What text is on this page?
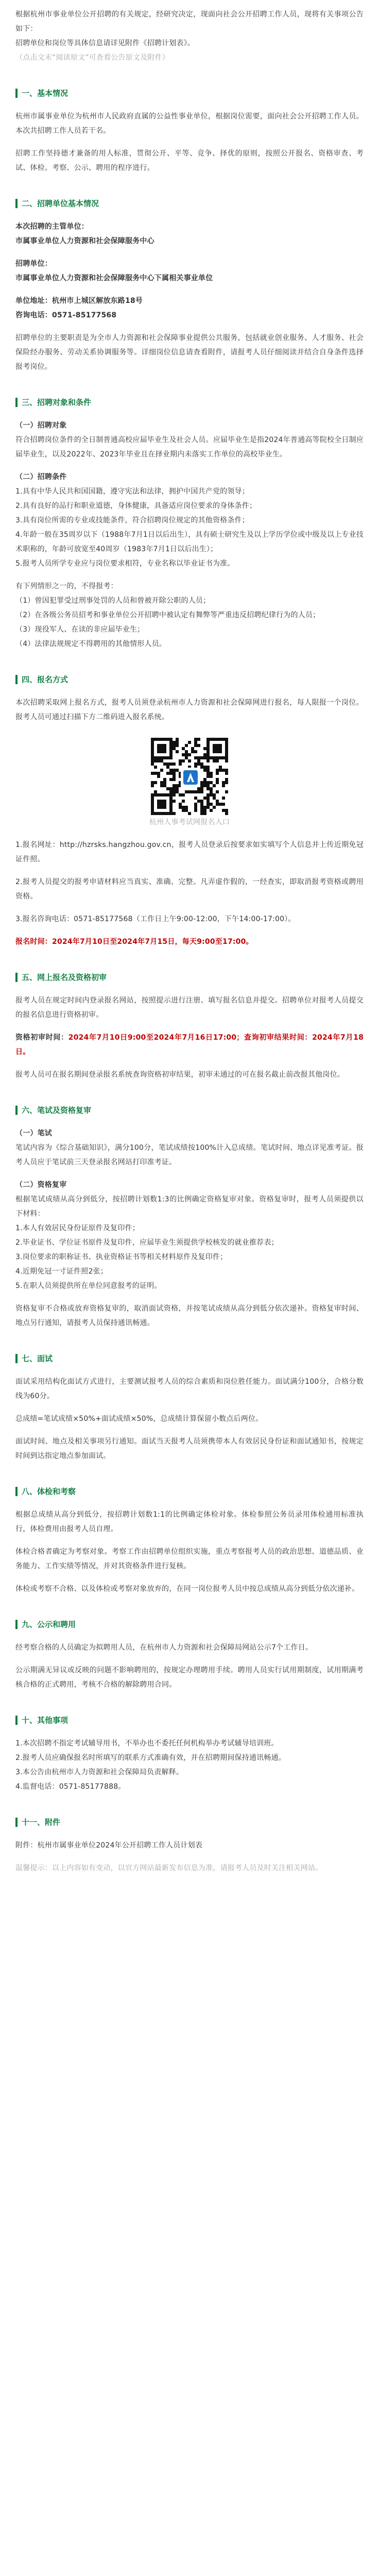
根据杭州市事业单位公开招聘的有关规定，经研究决定，现面向社会公开招聘工作人员，现将有关事项公告如下：

招聘单位和岗位等具体信息请详见附件《招聘计划表》。

（点击文末“阅读原文”可查看公告原文及附件）

一、基本情况

杭州市属事业单位为杭州市人民政府直属的公益性事业单位，根据岗位需要，面向社会公开招聘工作人员。本次共招聘工作人员若干名。

招聘工作坚持德才兼备的用人标准，贯彻公开、平等、竞争、择优的原则，按照公开报名、资格审查、考试、体检、考察、公示、聘用的程序进行。

二、招聘单位基本情况

本次招聘的主管单位：

市属事业单位人力资源和社会保障服务中心

招聘单位：

市属事业单位人力资源和社会保障服务中心下属相关事业单位

单位地址：杭州市上城区解放东路18号

咨询电话：0571-85177568

招聘单位的主要职责是为全市人力资源和社会保障事业提供公共服务，包括就业创业服务、人才服务、社会保险经办服务、劳动关系协调服务等。详细岗位信息请查看附件，请报考人员仔细阅读并结合自身条件选择报考岗位。

三、招聘对象和条件

（一）招聘对象

符合招聘岗位条件的全日制普通高校应届毕业生及社会人员。应届毕业生是指2024年普通高等院校全日制应届毕业生，以及2022年、2023年毕业且在择业期内未落实工作单位的高校毕业生。

（二）招聘条件

1.具有中华人民共和国国籍，遵守宪法和法律，拥护中国共产党的领导；

2.具有良好的品行和职业道德，身体健康，具备适应岗位要求的身体条件；

3.具有岗位所需的专业或技能条件，符合招聘岗位规定的其他资格条件；

4.年龄一般在35周岁以下（1988年7月1日以后出生），具有硕士研究生及以上学历学位或中级及以上专业技术职称的，年龄可放宽至40周岁（1983年7月1日以后出生）；

5.报考人员所学专业应与岗位要求相符，专业名称以毕业证书为准。

有下列情形之一的，不得报考：

（1）曾因犯罪受过刑事处罚的人员和曾被开除公职的人员；

（2）在各级公务员招考和事业单位公开招聘中被认定有舞弊等严重违反招聘纪律行为的人员；

（3）现役军人、在读的非应届毕业生；

（4）法律法规规定不得聘用的其他情形人员。

四、报名方式

本次招聘采取网上报名方式，报考人员须登录杭州市人力资源和社会保障网进行报名，每人限报一个岗位。报考人员可通过扫描下方二维码进入报名系统。

杭州人事考试网报名入口

1.报名网址：http://hzrsks.hangzhou.gov.cn，报考人员登录后按要求如实填写个人信息并上传近期免冠证件照。

2.报考人员提交的报考申请材料应当真实、准确、完整。凡弄虚作假的，一经查实，即取消报考资格或聘用资格。

3.报名咨询电话：0571-85177568（工作日上午9:00-12:00，下午14:00-17:00）。

报名时间：2024年7月10日至2024年7月15日，每天9:00至17:00。

五、网上报名及资格初审

报考人员在规定时间内登录报名网站，按照提示进行注册、填写报名信息并提交。招聘单位对报考人员提交的报名信息进行资格初审。

资格初审时间：2024年7月10日9:00至2024年7月16日17:00；查询初审结果时间：2024年7月18日。

报考人员可在报名期间登录报名系统查询资格初审结果，初审未通过的可在报名截止前改报其他岗位。

六、笔试及资格复审

（一）笔试

笔试内容为《综合基础知识》，满分100分，笔试成绩按100%计入总成绩。笔试时间、地点详见准考证。报考人员应于笔试前三天登录报名网站打印准考证。

（二）资格复审

根据笔试成绩从高分到低分，按招聘计划数1:3的比例确定资格复审对象。资格复审时，报考人员须提供以下材料：

1.本人有效居民身份证原件及复印件；

2.毕业证书、学位证书原件及复印件，应届毕业生须提供学校核发的就业推荐表；

3.岗位要求的职称证书、执业资格证书等相关材料原件及复印件；

4.近期免冠一寸证件照2张；

5.在职人员须提供所在单位同意报考的证明。

资格复审不合格或放弃资格复审的，取消面试资格，并按笔试成绩从高分到低分依次递补。资格复审时间、地点另行通知，请报考人员保持通讯畅通。

七、面试

面试采用结构化面试方式进行，主要测试报考人员的综合素质和岗位胜任能力。面试满分100分，合格分数线为60分。

总成绩=笔试成绩×50%+面试成绩×50%，总成绩计算保留小数点后两位。

面试时间、地点及相关事项另行通知。面试当天报考人员须携带本人有效居民身份证和面试通知书，按规定时间到达指定地点参加面试。

八、体检和考察

根据总成绩从高分到低分，按招聘计划数1:1的比例确定体检对象。体检参照公务员录用体检通用标准执行，体检费用由报考人员自理。

体检合格者确定为考察对象。考察工作由招聘单位组织实施，重点考察报考人员的政治思想、道德品质、业务能力、工作实绩等情况，并对其资格条件进行复核。

体检或考察不合格、以及体检或考察对象放弃的，在同一岗位报考人员中按总成绩从高分到低分依次递补。

九、公示和聘用

经考察合格的人员确定为拟聘用人员，在杭州市人力资源和社会保障局网站公示7个工作日。

公示期满无异议或反映的问题不影响聘用的，按规定办理聘用手续。聘用人员实行试用期制度，试用期满考核合格的正式聘用，考核不合格的解除聘用合同。

十、其他事项

1.本次招聘不指定考试辅导用书，不举办也不委托任何机构举办考试辅导培训班。

2.报考人员应确保报名时所填写的联系方式准确有效，并在招聘期间保持通讯畅通。

3.本公告由杭州市人力资源和社会保障局负责解释。

4.监督电话：0571-85177888。

十一、附件

附件：杭州市属事业单位2024年公开招聘工作人员计划表

温馨提示：以上内容如有变动，以官方网站最新发布信息为准，请报考人员及时关注相关网站。
